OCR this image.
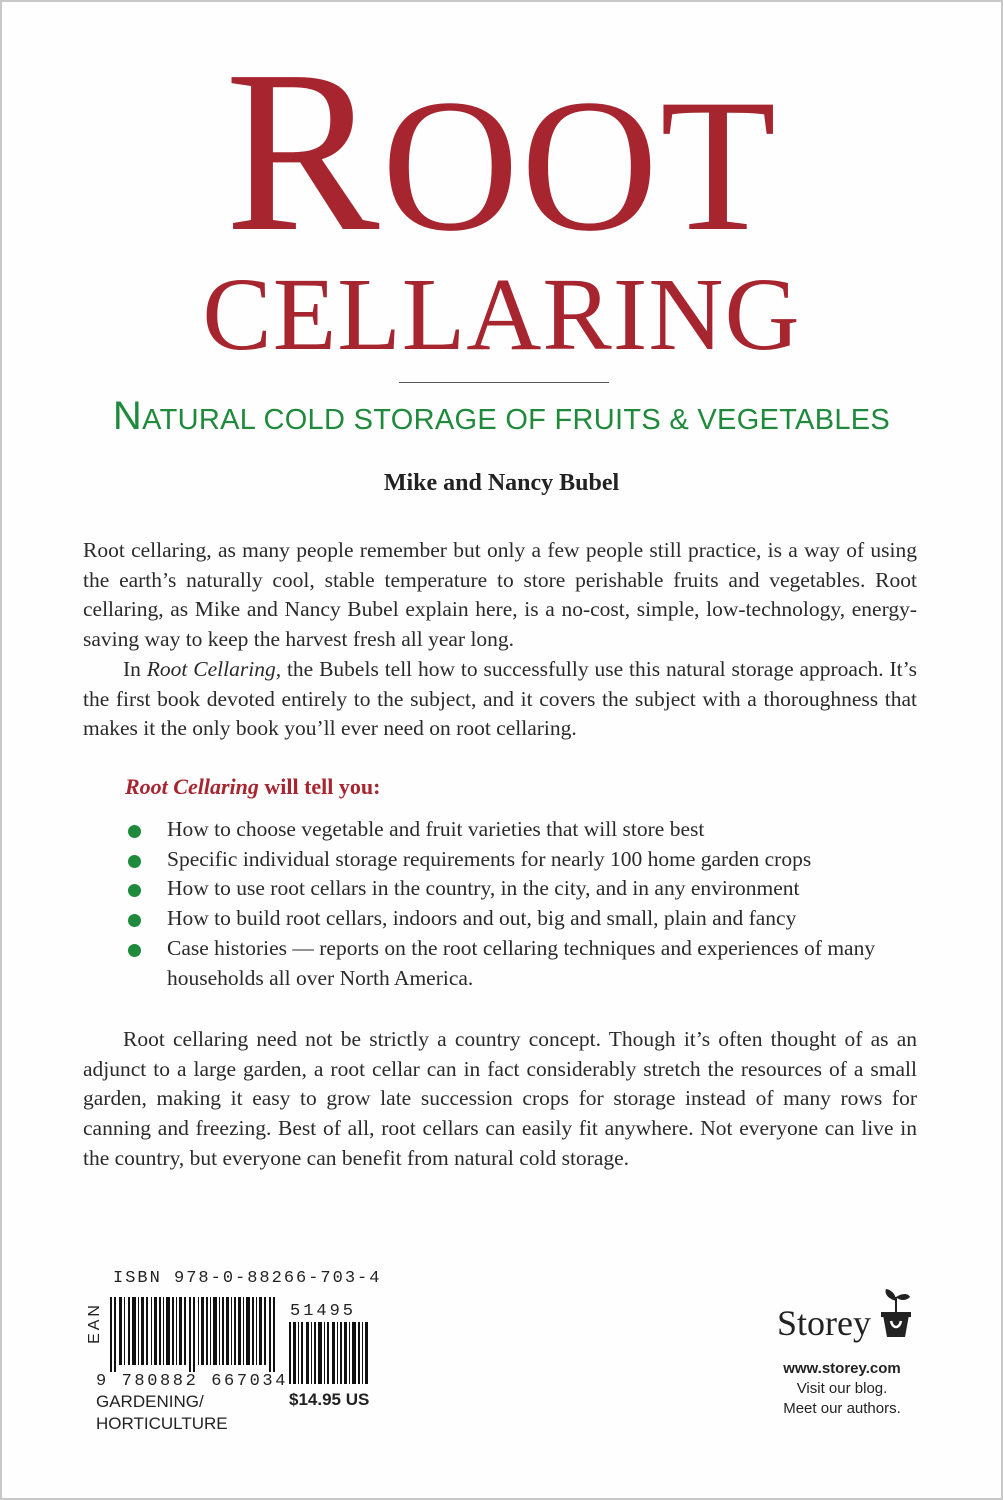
ROOT
CELLARING
NATURAL COLD STORAGE OF FRUITS & VEGETABLES
Mike and Nancy Bubel

Root cellaring, as many people remember but only a few people still practice, is a way of using the earth’s naturally cool, stable temperature to store perishable fruits and vegetables. Root cellaring, as Mike and Nancy Bubel explain here, is a no-cost, simple, low-technology, energy-saving way to keep the harvest fresh all year long.

In Root Cellaring, the Bubels tell how to successfully use this natural storage approach. It’s the first book devoted entirely to the subject, and it covers the subject with a thoroughness that makes it the only book you’ll ever need on root cellaring.

Root Cellaring will tell you:
How to choose vegetable and fruit varieties that will store best
Specific individual storage requirements for nearly 100 home garden crops
How to use root cellars in the country, in the city, and in any environment
How to build root cellars, indoors and out, big and small, plain and fancy
Case histories — reports on the root cellaring techniques and experiences of many households all over North America.

Root cellaring need not be strictly a country concept. Though it’s often thought of as an adjunct to a large garden, a root cellar can in fact considerably stretch the resources of a small garden, making it easy to grow late succession crops for storage instead of many rows for canning and freezing. Best of all, root cellars can easily fit anywhere. Not everyone can live in the country, but everyone can benefit from natural cold storage.

ISBN 978-0-88266-703-4
EAN
9 780882 667034
51495
$14.95 US
GARDENING/
HORTICULTURE
Storey
www.storey.com
Visit our blog.
Meet our authors.
